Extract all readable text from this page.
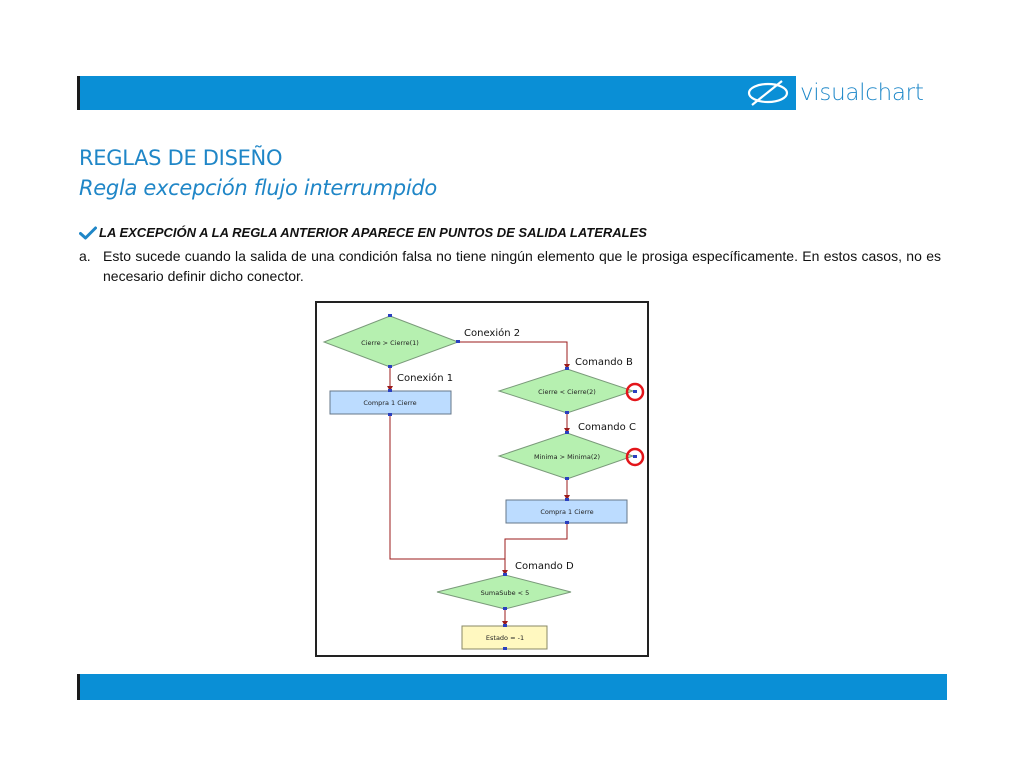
visualchart
REGLAS DE DISEÑO
Regla excepción flujo interrumpido
LA EXCEPCIÓN A LA REGLA ANTERIOR APARECE EN PUNTOS DE SALIDA LATERALES
a. Esto sucede cuando la salida de una condición falsa no tiene ningún elemento que le prosiga específicamente. En estos casos, no es necesario definir dicho conector.
Cierre > Cierre(1)
Compra 1 Cierre
Cierre < Cierre(2)
Minima > Minima(2)
Compra 1 Cierre
SumaSube < 5
Estado = -1
Conexión 2
Conexión 1
Comando B
Comando C
Comando D
